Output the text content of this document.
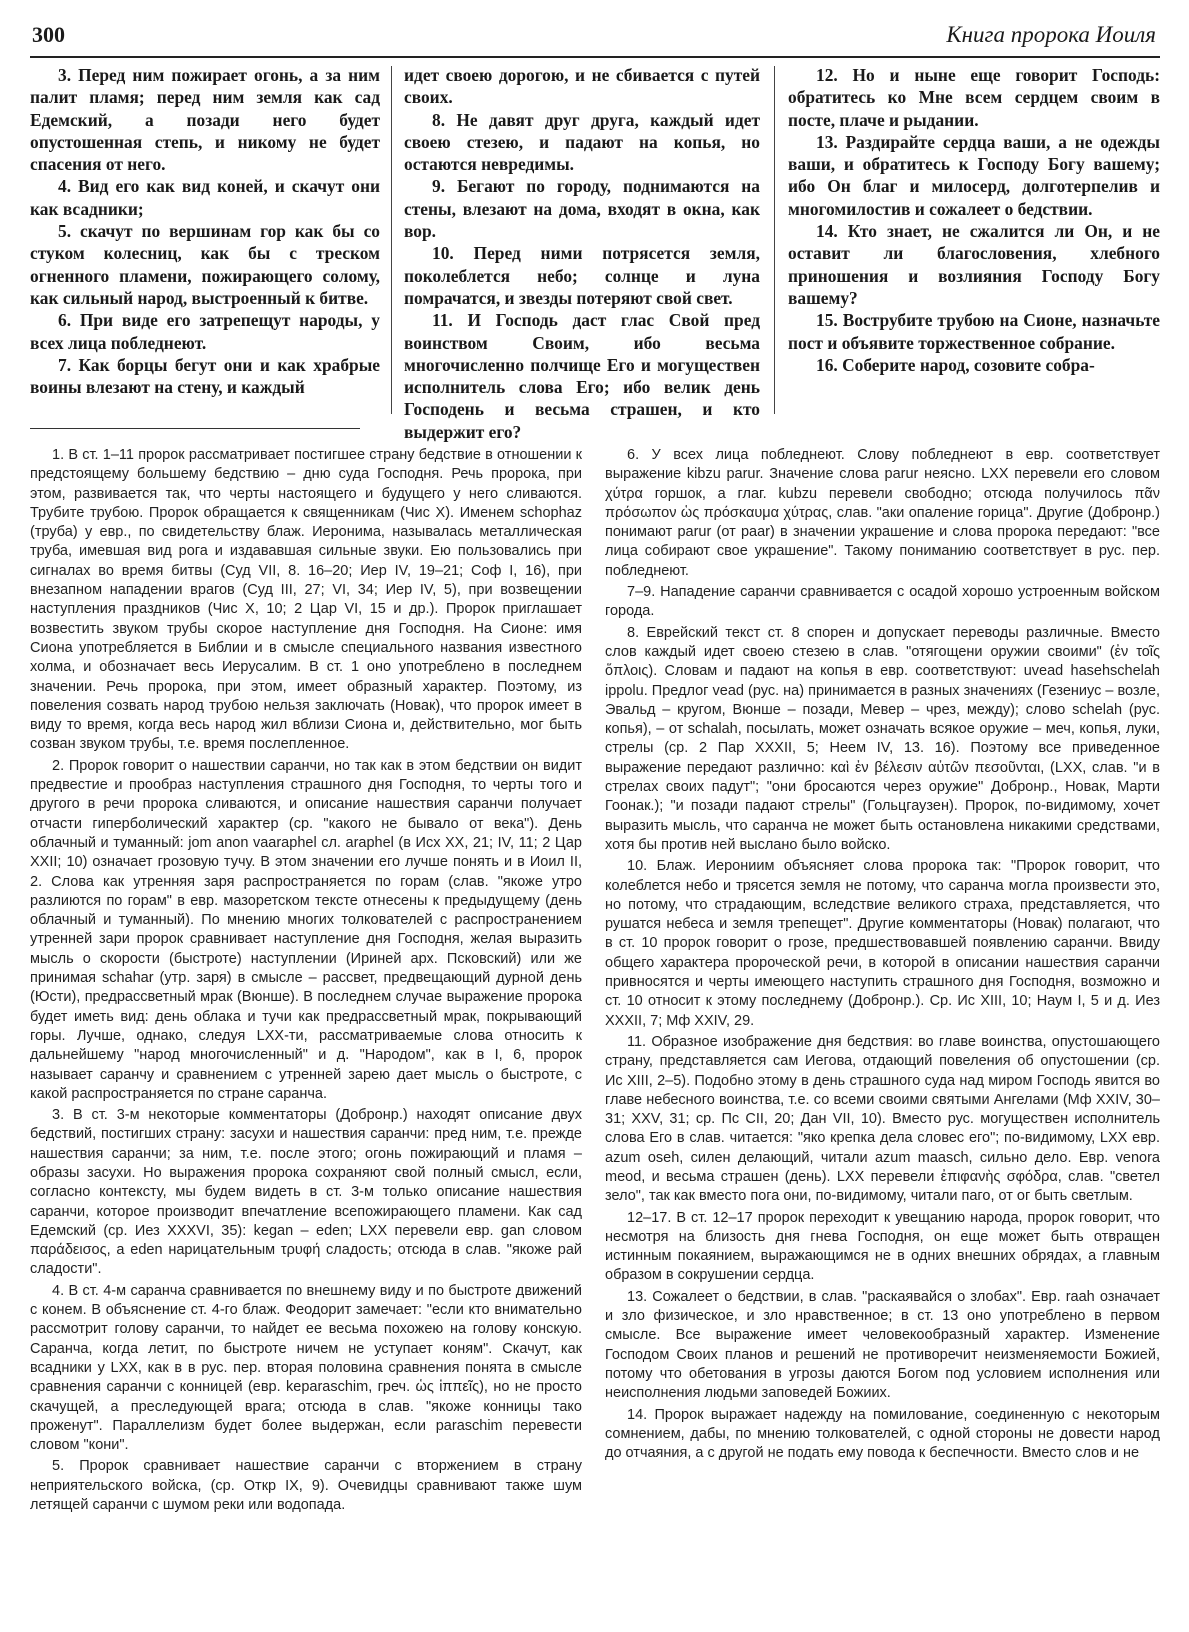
300	Книга пророка Иоиля

3. Перед ним пожирает огонь, а за ним палит пламя; перед ним земля как сад Едемский, а позади него будет опустошенная степь, и никому не будет спасения от него.

4. Вид его как вид коней, и скачут они как всадники;

5. скачут по вершинам гор как бы со стуком колесниц, как бы с треском огненного пламени, пожирающего солому, как сильный народ, выстроенный к битве.

6. При виде его затрепещут народы, у всех лица побледнеют.

7. Как борцы бегут они и как храбрые воины влезают на стену, и каждый

идет своею дорогою, и не сбивается с путей своих.

8. Не давят друг друга, каждый идет своею стезею, и падают на копья, но остаются невредимы.

9. Бегают по городу, поднимаются на стены, влезают на дома, входят в окна, как вор.

10. Перед ними потрясется земля, поколеблется небо; солнце и луна помрачатся, и звезды потеряют свой свет.

11. И Господь даст глас Свой пред воинством Своим, ибо весьма многочисленно полчище Его и могуществен исполнитель слова Его; ибо велик день Господень и весьма страшен, и кто выдержит его?

12. Но и ныне еще говорит Господь: обратитесь ко Мне всем сердцем своим в посте, плаче и рыдании.

13. Раздирайте сердца ваши, а не одежды ваши, и обратитесь к Господу Богу вашему; ибо Он благ и милосерд, долготерпелив и многомилостив и сожалеет о бедствии.

14. Кто знает, не сжалится ли Он, и не оставит ли благословения, хлебного приношения и возлияния Господу Богу вашему?

15. Вострубите трубою на Сионе, назначьте пост и объявите торжественное собрание.

16. Соберите народ, созовите собра-

1. В ст. 1–11 пророк рассматривает постигшее страну бедствие в отношении к предстоящему большему бедствию – дню суда Господня. Речь пророка, при этом, развивается так, что черты настоящего и будущего у него сливаются. Трубите трубою. Пророк обращается к священникам (Чис Х). Именем schophaz (труба) у евр., по свидетельству блаж. Иеронима, называлась металлическая труба, имевшая вид рога и издававшая сильные звуки. Ею пользовались при сигналах во время битвы (Суд VII, 8. 16–20; Иер IV, 19–21; Соф I, 16), при внезапном нападении врагов (Суд III, 27; VI, 34; Иер IV, 5), при возвещении наступления праздников (Чис Х, 10; 2 Цар VI, 15 и др.). Пророк приглашает возвестить звуком трубы скорое наступление дня Господня. На Сионе: имя Сиона употребляется в Библии и в смысле специального названия известного холма, и обозначает весь Иерусалим. В ст. 1 оно употреблено в последнем значении. Речь пророка, при этом, имеет образный характер. Поэтому, из повеления созвать народ трубою нельзя заключать (Новак), что пророк имеет в виду то время, когда весь народ жил вблизи Сиона и, действительно, мог быть созван звуком трубы, т.е. время послепленное.

2. Пророк говорит о нашествии саранчи, но так как в этом бедствии он видит предвестие и прообраз наступления страшного дня Господня, то черты того и другого в речи пророка сливаются, и описание нашествия саранчи получает отчасти гиперболический характер (ср. "какого не бывало от века"). День облачный и туманный: jom anon vaaraphel сл. araphel (в Исх XX, 21; IV, 11; 2 Цар XXII; 10) означает грозовую тучу. В этом значении его лучше понять и в Иоил II, 2. Слова как утренняя заря распространяется по горам (слав. "якоже утро разлиются по горам" в евр. мазоретском тексте отнесены к предыдущему (день облачный и туманный). По мнению многих толкователей с распространением утренней зари пророк сравнивает наступление дня Господня, желая выразить мысль о скорости (быстроте) наступлении (Ириней арх. Псковский) или же принимая schahar (утр. заря) в смысле – рассвет, предвещающий дурной день (Юсти), предрассветный мрак (Вюнше). В последнем случае выражение пророка будет иметь вид: день облака и тучи как предрассветный мрак, покрывающий горы. Лучше, однако, следуя LXX-ти, рассматриваемые слова относить к дальнейшему "народ многочисленный" и д. "Народом", как в I, 6, пророк называет саранчу и сравнением с утренней зарею дает мысль о быстроте, с какой распространяется по стране саранча.

3. В ст. 3-м некоторые комментаторы (Добронр.) находят описание двух бедствий, постигших страну: засухи и нашествия саранчи: пред ним, т.е. прежде нашествия саранчи; за ним, т.е. после этого; огонь пожирающий и пламя – образы засухи. Но выражения пророка сохраняют свой полный смысл, если, согласно контексту, мы будем видеть в ст. 3-м только описание нашествия саранчи, которое производит впечатление всепожирающего пламени. Как сад Едемский (ср. Иез XXXVI, 35): kegan – eden; LXX перевели евр. gan словом παράδεισος, а eden нарицательным τρυφή сладость; отсюда в слав. "якоже рай сладости".

4. В ст. 4-м саранча сравнивается по внешнему виду и по быстроте движений с конем. В объяснение ст. 4-го блаж. Феодорит замечает: "если кто внимательно рассмотрит голову саранчи, то найдет ее весьма похожею на голову конскую. Саранча, когда летит, по быстроте ничем не уступает коням". Скачут, как всадники у LXX, как в в рус. пер. вторая половина сравнения понята в смысле сравнения саранчи с конницей (евр. keparaschim, греч. ὡς ἱππεῖς), но не просто скачущей, а преследующей врага; отсюда в слав. "якоже конницы тако проженут". Параллелизм будет более выдержан, если paraschim перевести словом "кони".

5. Пророк сравнивает нашествие саранчи с вторжением в страну неприятельского войска, (ср. Откр IX, 9). Очевидцы сравнивают также шум летящей саранчи с шумом реки или водопада.

6. У всех лица побледнеют. Слову побледнеют в евр. соответствует выражение kibzu parur. Значение слова parur неясно. LXX перевели его словом χύτρα горшок, а глаг. kubzu перевели свободно; отсюда получилось πᾶν πρόσωπον ὡς πρόσκαυμα χύτρας, слав. "аки опаление горица". Другие (Добронр.) понимают parur (от paar) в значении украшение и слова пророка передают: "все лица собирают свое украшение". Такому пониманию соответствует в рус. пер. побледнеют.

7–9. Нападение саранчи сравнивается с осадой хорошо устроенным войском города.

8. Еврейский текст ст. 8 спорен и допускает переводы различные. Вместо слов каждый идет своею стезею в слав. "отягощени оружии своими" (ἐν τοῖς ὅπλοις). Словам и падают на копья в евр. соответствуют: uvead hasehschelah ippolu. Предлог vead (рус. на) принимается в разных значениях (Гезениус – возле, Эвальд – кругом, Вюнше – позади, Мевер – чрез, между); слово schelah (рус. копья), – от schalah, посылать, может означать всякое оружие – меч, копья, луки, стрелы (ср. 2 Пар XXXII, 5; Неем IV, 13. 16). Поэтому все приведенное выражение передают различно: καὶ ἐν βέλεσιν αὐτῶν πεσοῦνται, (LXX, слав. "и в стрелах своих падут"; "они бросаются через оружие" Добронр., Новак, Марти Гоонак.); "и позади падают стрелы" (Гольцгаузен). Пророк, по-видимому, хочет выразить мысль, что саранча не может быть остановлена никакими средствами, хотя бы против ней выслано было войско.

10. Блаж. Иерониим объясняет слова пророка так: "Пророк говорит, что колеблется небо и трясется земля не потому, что саранча могла произвести это, но потому, что страдающим, вследствие великого страха, представляется, что рушатся небеса и земля трепещет". Другие комментаторы (Новак) полагают, что в ст. 10 пророк говорит о грозе, предшествовавшей появлению саранчи. Ввиду общего характера пророческой речи, в которой в описании нашествия саранчи привносятся и черты имеющего наступить страшного дня Господня, возможно и ст. 10 относит к этому последнему (Добронр.). Ср. Ис XIII, 10; Наум I, 5 и д. Иез XXXII, 7; Мф XXIV, 29.

11. Образное изображение дня бедствия: во главе воинства, опустошающего страну, представляется сам Иегова, отдающий повеления об опустошении (ср. Ис XIII, 2–5). Подобно этому в день страшного суда над миром Господь явится во главе небесного воинства, т.е. со всеми своими святыми Ангелами (Мф XXIV, 30–31; XXV, 31; ср. Пс CII, 20; Дан VII, 10). Вместо рус. могуществен исполнитель слова Его в слав. читается: "яко крепка дела словес его"; по-видимому, LXX евр. azum oseh, силен делающий, читали azum maasch, сильно дело. Евр. venora meod, и весьма страшен (день). LXX перевели ἐπιφανὴς σφόδρα, слав. "светел зело", так как вместо пога они, по-видимому, читали паго, от ог быть светлым.

12–17. В ст. 12–17 пророк переходит к увещанию народа, пророк говорит, что несмотря на близость дня гнева Господня, он еще может быть отвращен истинным покаянием, выражающимся не в одних внешних обрядах, а главным образом в сокрушении сердца.

13. Сожалеет о бедствии, в слав. "раскаявайся о злобах". Евр. raah означает и зло физическое, и зло нравственное; в ст. 13 оно употреблено в первом смысле. Все выражение имеет человекообразный характер. Изменение Господом Своих планов и решений не противоречит неизменяемости Божией, потому что обетования в угрозы даются Богом под условием исполнения или неисполнения людьми заповедей Божиих.

14. Пророк выражает надежду на помилование, соединенную с некоторым сомнением, дабы, по мнению толкователей, с одной стороны не довести народ до отчаяния, а с другой не подать ему повода к беспечности. Вместо слов и не
